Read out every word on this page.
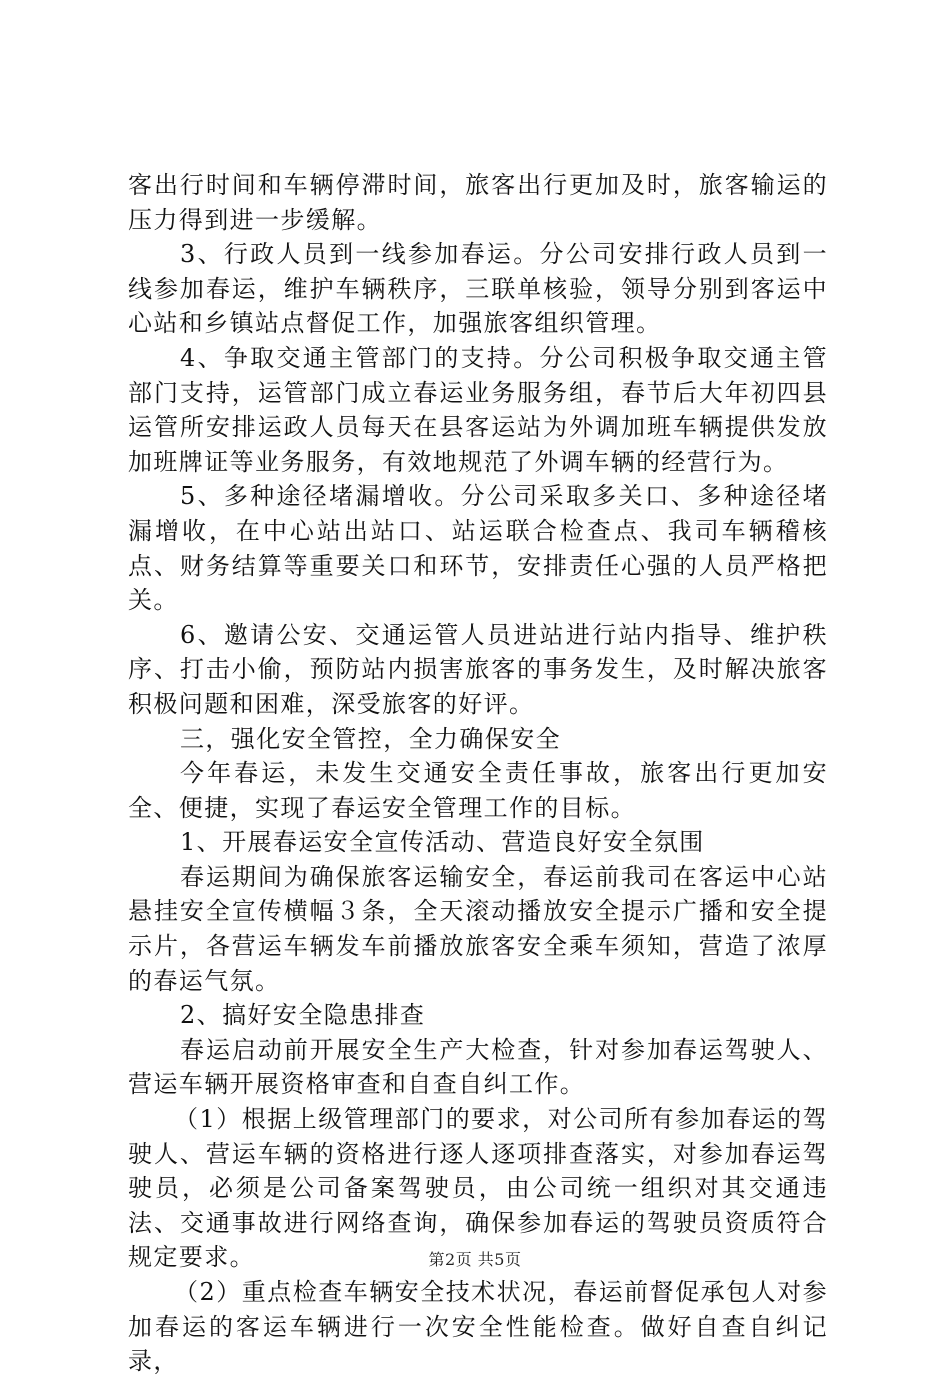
客出行时间和车辆停滞时间，旅客出行更加及时，旅客输运的压力得到进一步缓解。

3、行政人员到一线参加春运。分公司安排行政人员到一线参加春运，维护车辆秩序，三联单核验，领导分别到客运中心站和乡镇站点督促工作，加强旅客组织管理。

4、争取交通主管部门的支持。分公司积极争取交通主管部门支持，运管部门成立春运业务服务组，春节后大年初四县运管所安排运政人员每天在县客运站为外调加班车辆提供发放加班牌证等业务服务，有效地规范了外调车辆的经营行为。

5、多种途径堵漏增收。分公司采取多关口、多种途径堵漏增收，在中心站出站口、站运联合检查点、我司车辆稽核点、财务结算等重要关口和环节，安排责任心强的人员严格把关。

6、邀请公安、交通运管人员进站进行站内指导、维护秩序、打击小偷，预防站内损害旅客的事务发生，及时解决旅客积极问题和困难，深受旅客的好评。

三，强化安全管控，全力确保安全

今年春运，未发生交通安全责任事故，旅客出行更加安全、便捷，实现了春运安全管理工作的目标。

1、开展春运安全宣传活动、营造良好安全氛围

春运期间为确保旅客运输安全，春运前我司在客运中心站悬挂安全宣传横幅３条，全天滚动播放安全提示广播和安全提示片，各营运车辆发车前播放旅客安全乘车须知，营造了浓厚的春运气氛。

2、搞好安全隐患排查

春运启动前开展安全生产大检查，针对参加春运驾驶人、营运车辆开展资格审查和自查自纠工作。

（1）根据上级管理部门的要求，对公司所有参加春运的驾驶人、营运车辆的资格进行逐人逐项排查落实，对参加春运驾驶员，必须是公司备案驾驶员，由公司统一组织对其交通违法、交通事故进行网络查询，确保参加春运的驾驶员资质符合规定要求。

（2）重点检查车辆安全技术状况，春运前督促承包人对参加春运的客运车辆进行一次安全性能检查。做好自查自纠记录，

第2页 共5页
